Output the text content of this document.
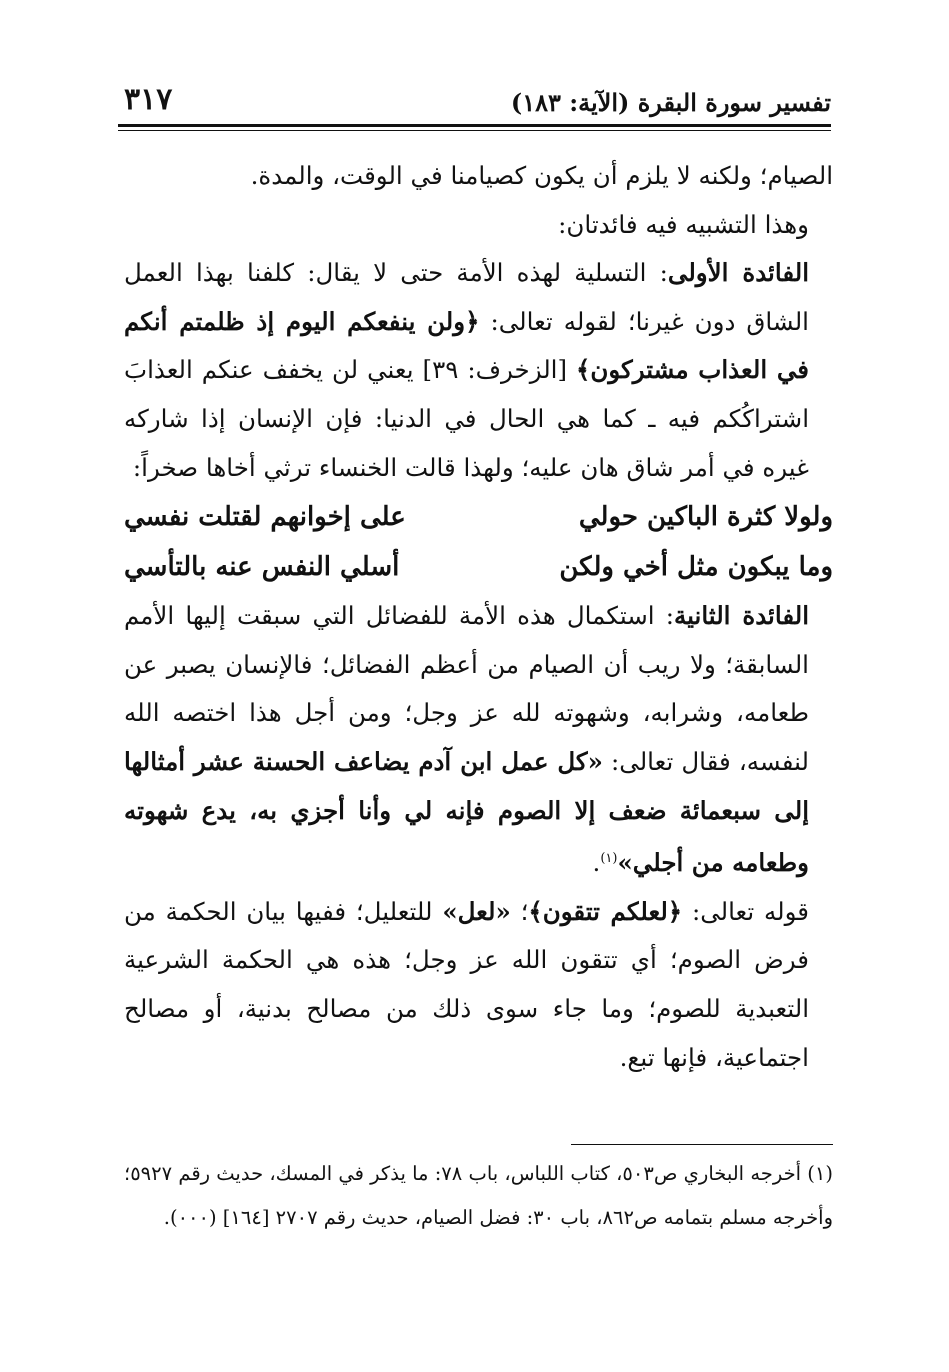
تفسير سورة البقرة (الآية: ١٨٣)
٣١٧

الصيام؛ ولكنه لا يلزم أن يكون كصيامنا في الوقت، والمدة.

وهذا التشبيه فيه فائدتان:

الفائدة الأولى: التسلية لهذه الأمة حتى لا يقال: كلفنا بهذا العمل الشاق دون غيرنا؛ لقوله تعالى: ﴿ولن ينفعكم اليوم إذ ظلمتم أنكم في العذاب مشتركون﴾ [الزخرف: ٣٩] يعني لن يخفف عنكم العذابَ اشتراكُكم فيه ـ كما هي الحال في الدنيا: فإن الإنسان إذا شاركه غيره في أمر شاق هان عليه؛ ولهذا قالت الخنساء ترثي أخاها صخراً:

ولولا كثرة الباكين حولي
على إخوانهم لقتلت نفسي
وما يبكون مثل أخي ولكن
أسلي النفس عنه بالتأسي

الفائدة الثانية: استكمال هذه الأمة للفضائل التي سبقت إليها الأمم السابقة؛ ولا ريب أن الصيام من أعظم الفضائل؛ فالإنسان يصبر عن طعامه، وشرابه، وشهوته لله عز وجل؛ ومن أجل هذا اختصه الله لنفسه، فقال تعالى: «كل عمل ابن آدم يضاعف الحسنة عشر أمثالها إلى سبعمائة ضعف إلا الصوم فإنه لي وأنا أجزي به، يدع شهوته وطعامه من أجلي»$^{(١)}$.

قوله تعالى: ﴿لعلكم تتقون﴾؛ «لعل» للتعليل؛ ففيها بيان الحكمة من فرض الصوم؛ أي تتقون الله عز وجل؛ هذه هي الحكمة الشرعية التعبدية للصوم؛ وما جاء سوى ذلك من مصالح بدنية، أو مصالح اجتماعية، فإنها تبع.

(١) أخرجه البخاري ص٥٠٣، كتاب اللباس، باب ٧٨: ما يذكر في المسك، حديث رقم ٥٩٢٧؛ وأخرجه مسلم بتمامه ص٨٦٢، باب ٣٠: فضل الصيام، حديث رقم ٢٧٠٧ [١٦٤] (٠٠٠).
